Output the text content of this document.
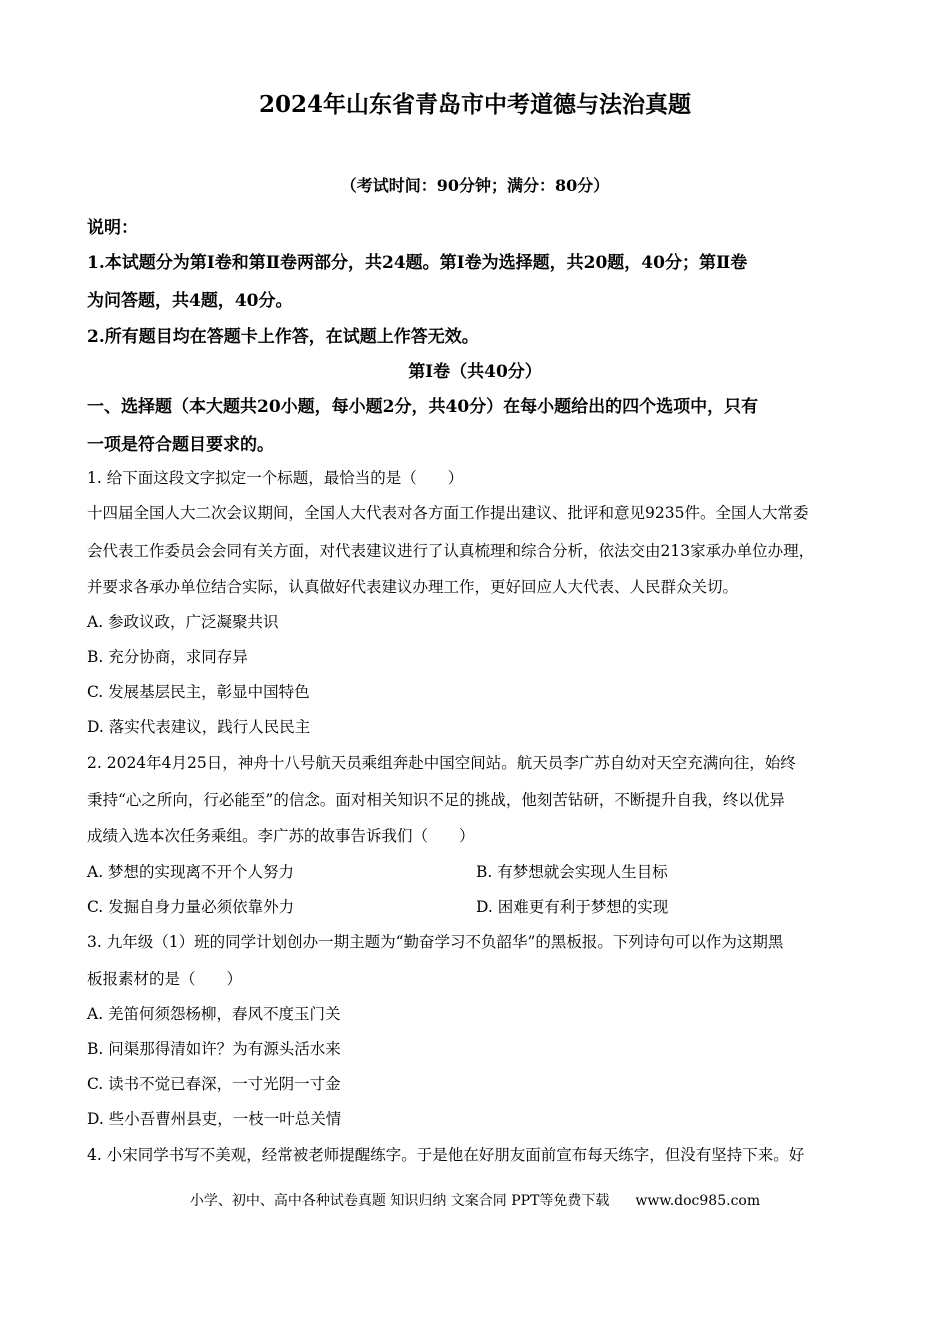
2024年山东省青岛市中考道德与法治真题
（考试时间：90分钟；满分：80分）
说明：
1.本试题分为第Ⅰ卷和第Ⅱ卷两部分，共24题。第Ⅰ卷为选择题，共20题，40分；第Ⅱ卷
为问答题，共4题，40分。
2.所有题目均在答题卡上作答，在试题上作答无效。
第Ⅰ卷（共40分）
一、选择题（本大题共20小题，每小题2分，共40分）在每小题给出的四个选项中，只有
一项是符合题目要求的。
1. 给下面这段文字拟定一个标题，最恰当的是（　　）
十四届全国人大二次会议期间，全国人大代表对各方面工作提出建议、批评和意见9235件。全国人大常委
会代表工作委员会会同有关方面，对代表建议进行了认真梳理和综合分析，依法交由213家承办单位办理，
并要求各承办单位结合实际，认真做好代表建议办理工作，更好回应人大代表、人民群众关切。
A. 参政议政，广泛凝聚共识
B. 充分协商，求同存异
C. 发展基层民主，彰显中国特色
D. 落实代表建议，践行人民民主
2. 2024年4月25日，神舟十八号航天员乘组奔赴中国空间站。航天员李广苏自幼对天空充满向往，始终
秉持“心之所向，行必能至”的信念。面对相关知识不足的挑战，他刻苦钻研，不断提升自我，终以优异
成绩入选本次任务乘组。李广苏的故事告诉我们（　　）
A. 梦想的实现离不开个人努力	B. 有梦想就会实现人生目标
C. 发掘自身力量必须依靠外力	D. 困难更有利于梦想的实现
3. 九年级（1）班的同学计划创办一期主题为“勤奋学习不负韶华”的黑板报。下列诗句可以作为这期黑
板报素材的是（　　）
A. 羌笛何须怨杨柳，春风不度玉门关
B. 问渠那得清如许？为有源头活水来
C. 读书不觉已春深，一寸光阴一寸金
D. 些小吾曹州县吏，一枝一叶总关情
4. 小宋同学书写不美观，经常被老师提醒练字。于是他在好朋友面前宣布每天练字，但没有坚持下来。好
小学、初中、高中各种试卷真题 知识归纳 文案合同 PPT等免费下载 www.doc985.com
